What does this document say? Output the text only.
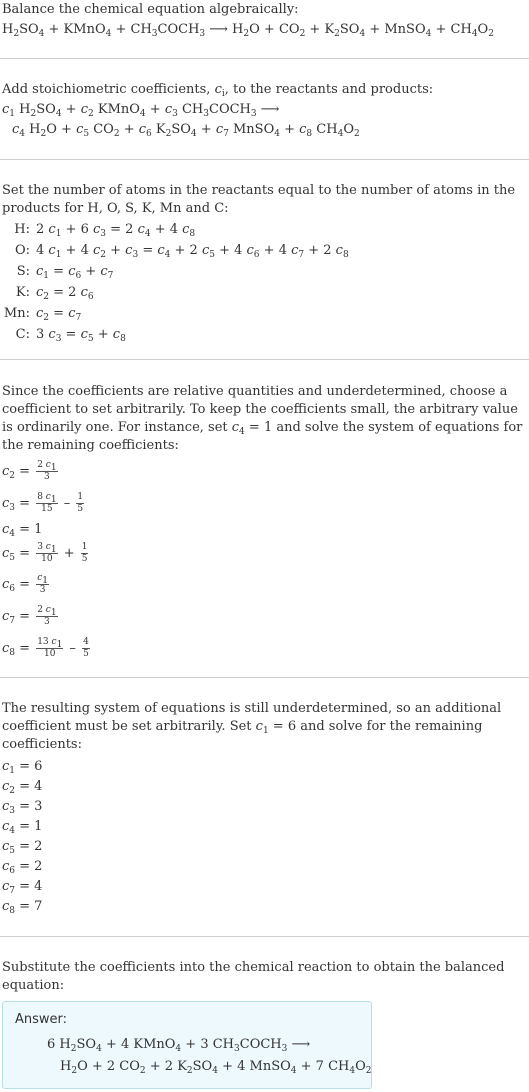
Balance the chemical equation algebraically:
$H_2SO_4$ + KMnO$_4$ + $CH_3COCH_3$ ⟶ $H_2O + CO_2 + K_2SO_4$ + MnSO$_4$ + $CH_4O_2$
Add stoichiometric coefficients, $c_i$, to the reactants and products:
$c_1$ $H_2SO_4 + c_2$ KMnO$_4$ + $c_3$ $CH_3COCH_3$ ⟶
$c_4$ $H_2O + c_5$ $CO_2 + c_6$ $K_2SO_4 + c_7$ MnSO$_4$ + $c_8$ $CH_4O_2$
Set the number of atoms in the reactants equal to the number of atoms in the products for H, O, S, K, Mn and C:
H: 2 $c_1 + 6$ $c_3 = 2$ $c_4 + 4$ $c_8$
O: 4 $c_1 + 4$ $c_2 + c_3 = c_4 + 2$ $c_5 + 4$ $c_6 + 4$ $c_7 + 2$ $c_8$
S: $c_1 = c_6 + c_7$
K: $c_2 = 2$ $c_6$
Mn: $c_2 = c_7$
C: 3 $c_3 = c_5 + c_8$
Since the coefficients are relative quantities and underdetermined, choose a coefficient to set arbitrarily. To keep the coefficients small, the arbitrary value is ordinarily one. For instance, set $c_4 = 1$ and solve the system of equations for the remaining coefficients:
$c_2 = \frac{2 c_1}{3}$
$c_3 = \frac{8 c_1}{15} - \frac{1}{5}$
$c_4 = 1$
$c_5 = \frac{3 c_1}{10} + \frac{1}{5}$
$c_6 = \frac{c_1}{3}$
$c_7 = \frac{2 c_1}{3}$
$c_8 = \frac{13 c_1}{10} - \frac{4}{5}$
The resulting system of equations is still underdetermined, so an additional coefficient must be set arbitrarily. Set $c_1 = 6$ and solve for the remaining coefficients:
$c_1 = 6$
$c_2 = 4$
$c_3 = 3$
$c_4 = 1$
$c_5 = 2$
$c_6 = 2$
$c_7 = 4$
$c_8 = 7$
Substitute the coefficients into the chemical reaction to obtain the balanced equation:
Answer:
6 $H_2SO_4 + 4$ KMnO$_4$ + 3 $CH_3COCH_3$ ⟶
$H_2O + 2$ $CO_2 + 2$ $K_2SO_4 + 4$ MnSO$_4$ + 7 $CH_4O_2$
